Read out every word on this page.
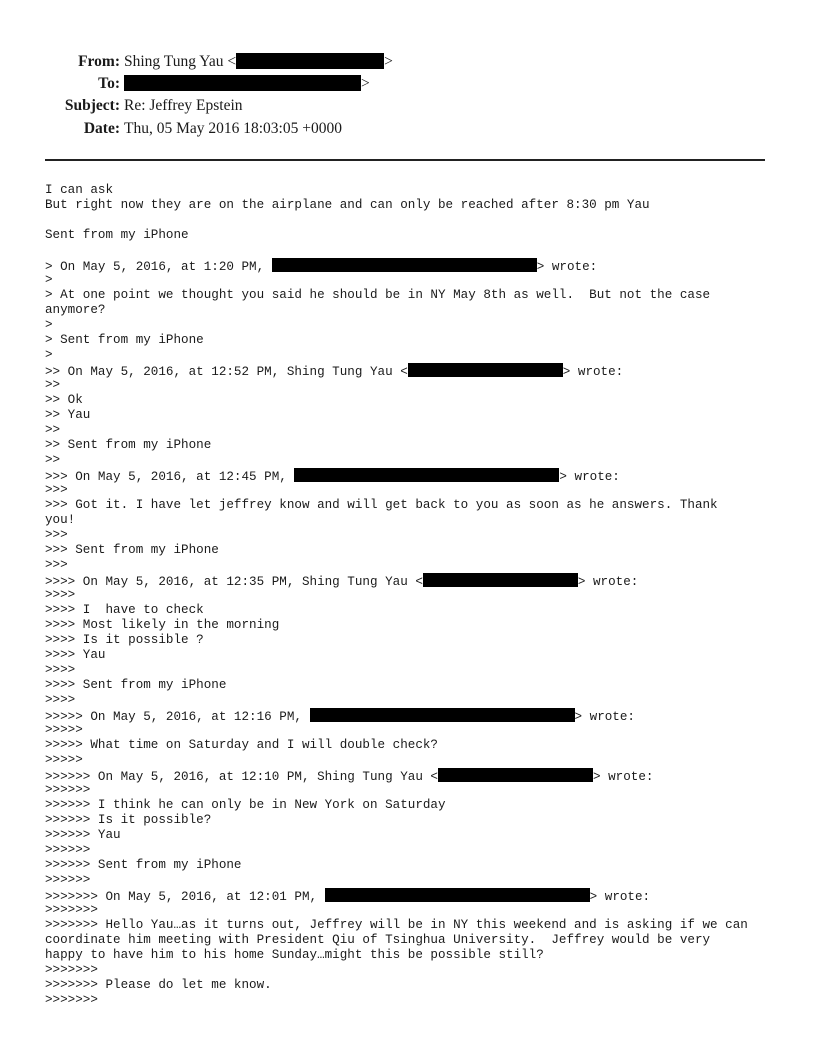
From: Shing Tung Yau <	>
To:	>
Subject: Re: Jeffrey Epstein
Date: Thu, 05 May 2016 18:03:05 +0000
I can ask
But right now they are on the airplane and can only be reached after 8:30 pm Yau

Sent from my iPhone

> On May 5, 2016, at 1:20 PM,	> wrote:
>
> At one point we thought you said he should be in NY May 8th as well.  But not the case
anymore?
>
> Sent from my iPhone
>
>> On May 5, 2016, at 12:52 PM, Shing Tung Yau <	> wrote:
>>
>> Ok
>> Yau
>>
>> Sent from my iPhone
>>
>>> On May 5, 2016, at 12:45 PM,	> wrote:
>>>
>>> Got it. I have let jeffrey know and will get back to you as soon as he answers. Thank
you!
>>>
>>> Sent from my iPhone
>>>
>>>> On May 5, 2016, at 12:35 PM, Shing Tung Yau <	> wrote:
>>>>
>>>> I  have to check
>>>> Most likely in the morning
>>>> Is it possible ?
>>>> Yau
>>>>
>>>> Sent from my iPhone
>>>>
>>>>> On May 5, 2016, at 12:16 PM,	> wrote:
>>>>>
>>>>> What time on Saturday and I will double check?
>>>>>
>>>>>> On May 5, 2016, at 12:10 PM, Shing Tung Yau <	> wrote:
>>>>>>
>>>>>> I think he can only be in New York on Saturday
>>>>>> Is it possible?
>>>>>> Yau
>>>>>>
>>>>>> Sent from my iPhone
>>>>>>
>>>>>>> On May 5, 2016, at 12:01 PM,	> wrote:
>>>>>>>
>>>>>>> Hello Yau…as it turns out, Jeffrey will be in NY this weekend and is asking if we can
coordinate him meeting with President Qiu of Tsinghua University.  Jeffrey would be very
happy to have him to his home Sunday…might this be possible still?
>>>>>>>
>>>>>>> Please do let me know.
>>>>>>>
